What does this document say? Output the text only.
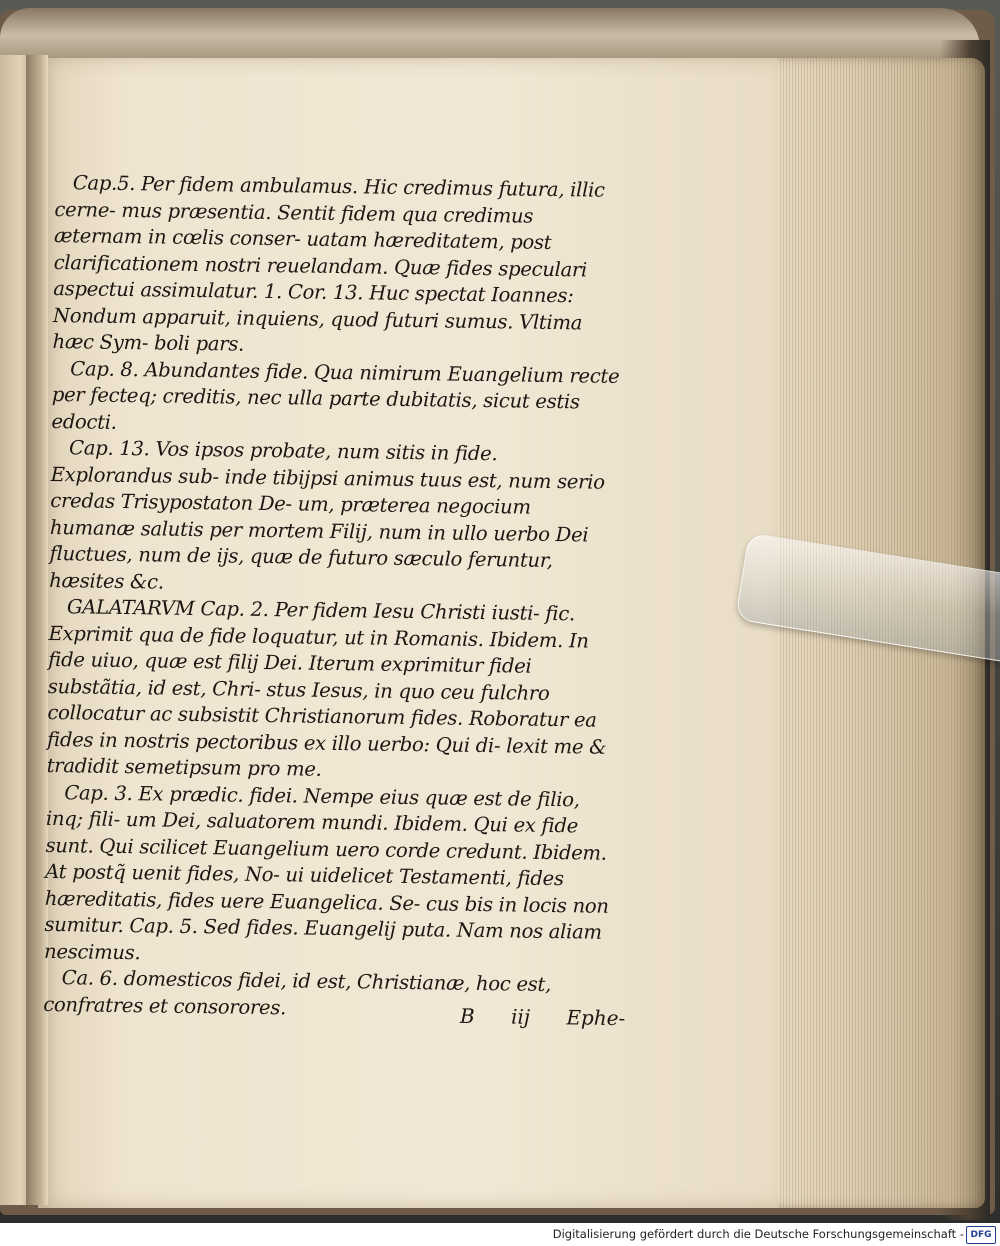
Cap.5. Per fidem ambulamus. Hic credimus futura, illic cerne- mus præsentia. Sentit fidem qua credimus æternam in cœlis conser- uatam hæreditatem, post clarificationem nostri reuelandam. Quæ fides speculari aspectui assimulatur. 1. Cor. 13. Huc spectat Ioannes: Nondum apparuit, inquiens, quod futuri sumus. Vltima hæc Sym- boli pars.

Cap. 8. Abundantes fide. Qua nimirum Euangelium recte per fecteq; creditis, nec ulla parte dubitatis, sicut estis edocti.

Cap. 13. Vos ipsos probate, num sitis in fide. Explorandus sub- inde tibijpsi animus tuus est, num serio credas Trisypostaton De- um, præterea negocium humanæ salutis per mortem Filij, num in ullo uerbo Dei fluctues, num de ijs, quæ de futuro sæculo feruntur, hæsites &c.

GALATARVM Cap. 2. Per fidem Iesu Christi iusti- fic. Exprimit qua de fide loquatur, ut in Romanis. Ibidem. In fide uiuo, quæ est filij Dei. Iterum exprimitur fidei substãtia, id est, Chri- stus Iesus, in quo ceu fulchro collocatur ac subsistit Christianorum fides. Roboratur ea fides in nostris pectoribus ex illo uerbo: Qui di- lexit me & tradidit semetipsum pro me.

Cap. 3. Ex prædic. fidei. Nempe eius quæ est de filio, inq; fili- um Dei, saluatorem mundi. Ibidem. Qui ex fide sunt. Qui scilicet Euangelium uero corde credunt. Ibidem. At postq̃ uenit fides, No- ui uidelicet Testamenti, fides hæreditatis, fides uere Euangelica. Se- cus bis in locis non sumitur. Cap. 5. Sed fides. Euangelij puta. Nam nos aliam nescimus.

Ca. 6. domesticos fidei, id est, Christianæ, hoc est, confratres et consorores.	B iij Ephe-
Digitalisierung gefördert durch die Deutsche Forschungsgemeinschaft - DFG
